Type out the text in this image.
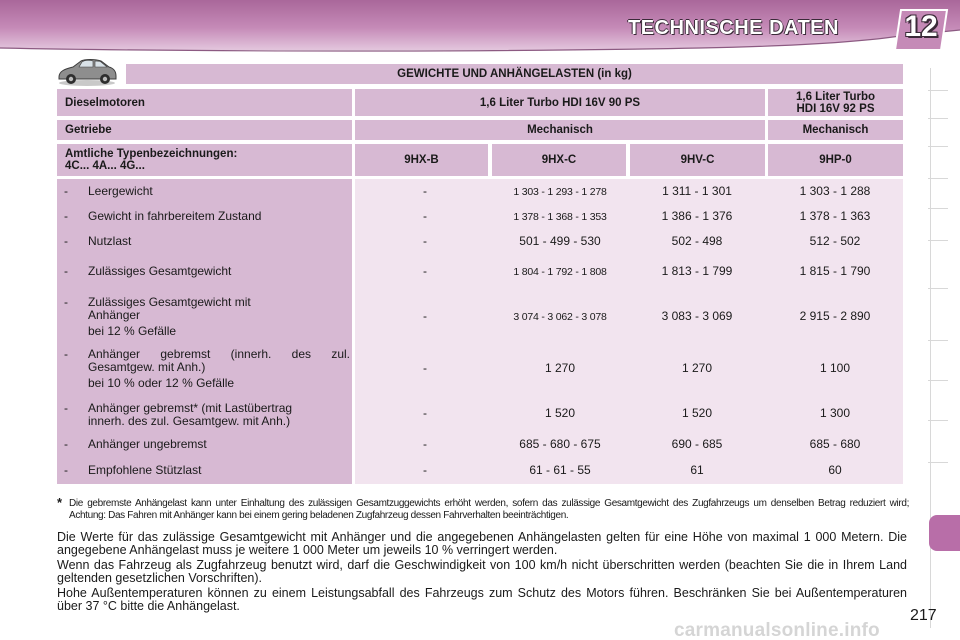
TECHNISCHE DATEN	12
GEWICHTE UND ANHÄNGELASTEN (in kg)
Dieselmotoren	1,6 Liter Turbo HDI 16V 90 PS	1,6 Liter Turbo
HDI 16V 92 PS
Getriebe	Mechanisch	Mechanisch
Amtliche Typenbezeichnungen:
4C... 4A... 4G...	9HX-B	9HX-C	9HV-C	9HP-0
- Leergewicht	-	1 303 - 1 293 - 1 278	1 311 - 1 301	1 303 - 1 288
- Gewicht in fahrbereitem Zustand	-	1 378 - 1 368 - 1 353	1 386 - 1 376	1 378 - 1 363
- Nutzlast	-	501 - 499 - 530	502 - 498	512 - 502
- Zulässiges Gesamtgewicht	-	1 804 - 1 792 - 1 808	1 813 - 1 799	1 815 - 1 790
- Zulässiges Gesamtgewicht mit
Anhänger
bei 12 % Gefälle
-	3 074 - 3 062 - 3 078	3 083 - 3 069	2 915 - 2 890
- Anhänger gebremst (innerh. des zul.
Gesamtgew. mit Anh.)
bei 10 % oder 12 % Gefälle
-	1 270	1 270	1 100
- Anhänger gebremst* (mit Lastübertrag
innerh. des zul. Gesamtgew. mit Anh.)
-	1 520	1 520	1 300
- Anhänger ungebremst	-	685 - 680 - 675	690 - 685	685 - 680
- Empfohlene Stützlast	-	61 - 61 - 55	61	60
* Die gebremste Anhängelast kann unter Einhaltung des zulässigen Gesamtzuggewichts erhöht werden, sofern das zulässige Gesamtgewicht des Zugfahrzeugs um denselben Betrag reduziert wird; Achtung: Das Fahren mit Anhänger kann bei einem gering beladenen Zugfahrzeug dessen Fahrverhalten beeinträchtigen.
Die Werte für das zulässige Gesamtgewicht mit Anhänger und die angegebenen Anhängelasten gelten für eine Höhe von maximal 1 000 Metern. Die angegebene Anhängelast muss je weitere 1 000 Meter um jeweils 10 % verringert werden.
Wenn das Fahrzeug als Zugfahrzeug benutzt wird, darf die Geschwindigkeit von 100 km/h nicht überschritten werden (beachten Sie die in Ihrem Land geltenden gesetzlichen Vorschriften).
Hohe Außentemperaturen können zu einem Leistungsabfall des Fahrzeugs zum Schutz des Motors führen. Beschränken Sie bei Außentemperaturen über 37 °C bitte die Anhängelast.
217
carmanualsonline.info
